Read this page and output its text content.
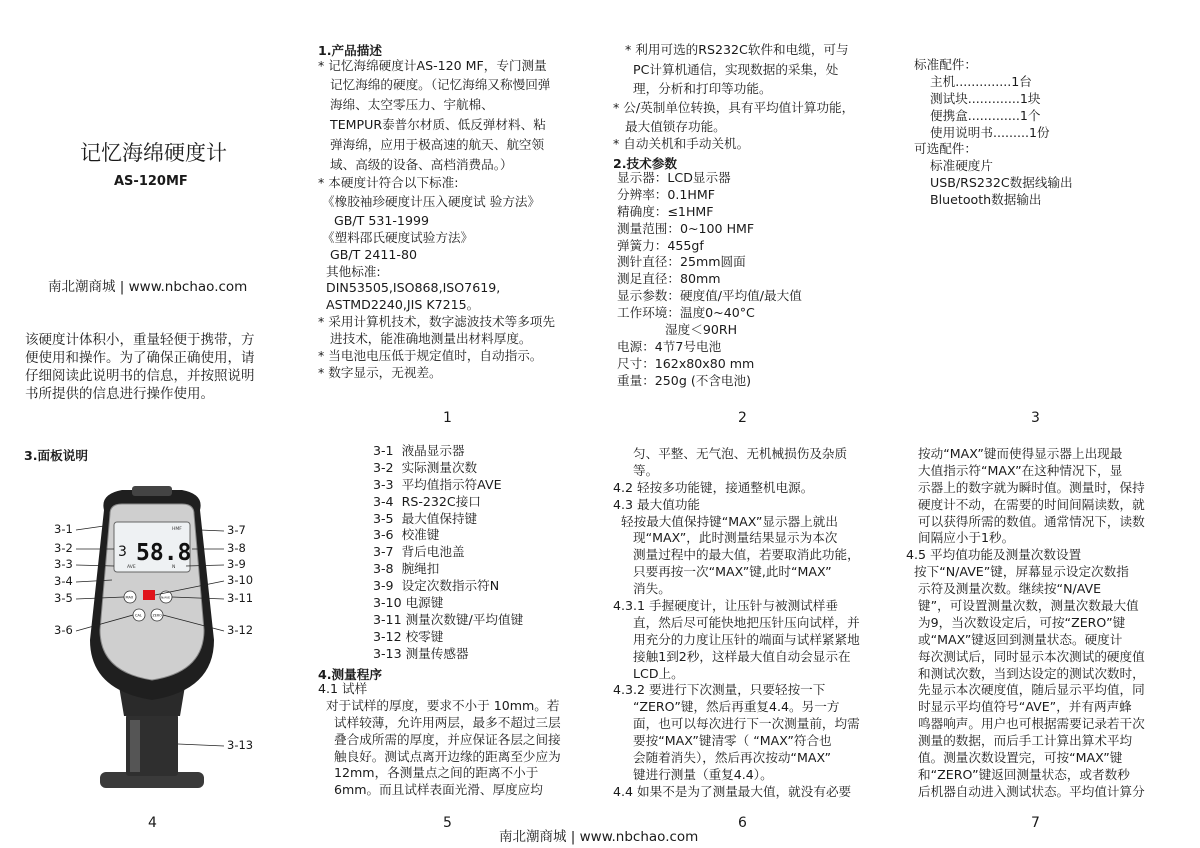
记忆海绵硬度计
AS-120MF
南北潮商城 | www.nbchao.com
该硬度计体积小，重量轻便于携带，方
便使用和操作。为了确保正确使用，请
仔细阅读此说明书的信息，并按照说明
书所提供的信息进行操作使用。
1.产品描述
* 记忆海绵硬度计AS-120 MF，专门测量
记忆海绵的硬度。（记忆海绵又称慢回弹
海绵、太空零压力、宇航棉、
TEMPUR泰普尔材质、低反弹材料、粘
弹海绵，应用于极高速的航天、航空领
域、高级的设备、高档消费品。）
* 本硬度计符合以下标准:
《橡胶袖珍硬度计压入硬度试 验方法》
GB/T 531-1999
《塑料邵氏硬度试验方法》
GB/T 2411-80
其他标准:
DIN53505,ISO868,ISO7619,
ASTMD2240,JIS K7215。
* 采用计算机技术，数字滤波技术等多项先
进技术，能准确地测量出材料厚度。
* 当电池电压低于规定值时，自动指示。
* 数字显示，无视差。
* 利用可选的RS232C软件和电缆，可与
PC计算机通信，实现数据的采集，处
理，分析和打印等功能。
* 公/英制单位转换，具有平均值计算功能，
最大值锁存功能。
* 自动关机和手动关机。
2.技术参数
显示器：LCD显示器
分辨率：0.1HMF
精确度：≤1HMF
测量范围：0~100 HMF
弹簧力：455gf
测针直径：25mm圆面
测足直径：80mm
显示参数：硬度值/平均值/最大值
工作环境：温度0~40°C
湿度＜90RH
电源：4节7号电池
尺寸：162x80x80 mm
重量：250g (不含电池)
标准配件：
主机..............1台
测试块.............1块
便携盒.............1个
使用说明书.........1份
可选配件：
标准硬度片
USB/RS232C数据线输出
Bluetooth数据输出
1	2	3
3.面板说明
HMF
3 58.8
AVE	N
MAX	N/AVE
CAL	ZERO
3-1
3-2
3-3
3-4
3-5
3-6
3-7
3-8
3-9
3-10
3-11
3-12
3-13
3-1  液晶显示器
3-2  实际测量次数
3-3  平均值指示符AVE
3-4  RS-232C接口
3-5  最大值保持键
3-6  校准键
3-7  背后电池盖
3-8  腕绳扣
3-9  设定次数指示符N
3-10 电源键
3-11 测量次数键/平均值键
3-12 校零键
3-13 测量传感器
4.测量程序
4.1 试样
对于试样的厚度，要求不小于 10mm。若
试样较薄，允许用两层，最多不超过三层
叠合成所需的厚度，并应保证各层之间接
触良好。测试点离开边缘的距离至少应为
12mm，各测量点之间的距离不小于
6mm。而且试样表面光滑、厚度应均
匀、平整、无气泡、无机械损伤及杂质
等。
4.2 轻按多功能键，接通整机电源。
4.3 最大值功能
轻按最大值保持键“MAX”显示器上就出
现“MAX”，此时测量结果显示为本次
测量过程中的最大值，若要取消此功能，
只要再按一次“MAX”键,此时“MAX”
消失。
4.3.1 手握硬度计，让压针与被测试样垂
直，然后尽可能快地把压针压向试样，并
用充分的力度让压针的端面与试样紧紧地
接触1到2秒，这样最大值自动会显示在
LCD上。
4.3.2 要进行下次测量，只要轻按一下
“ZERO”键，然后再重复4.4。另一方
面，也可以每次进行下一次测量前，均需
要按“MAX”键清零（ “MAX”符合也
会随着消失），然后再次按动“MAX”
键进行测量（重复4.4）。
4.4 如果不是为了测量最大值，就没有必要
按动“MAX”键而使得显示器上出现最
大值指示符“MAX”在这种情况下，显
示器上的数字就为瞬时值。测量时，保持
硬度计不动，在需要的时间间隔读数，就
可以获得所需的数值。通常情况下，读数
间隔应小于1秒。
4.5 平均值功能及测量次数设置
按下“N/AVE”键，屏幕显示设定次数指
示符及测量次数。继续按“N/AVE
键”，可设置测量次数，测量次数最大值
为9，当次数设定后，可按“ZERO”键
或“MAX”键返回到测量状态。硬度计
每次测试后，同时显示本次测试的硬度值
和测试次数，当到达设定的测试次数时，
先显示本次硬度值，随后显示平均值，同
时显示平均值符号“AVE”，并有两声蜂
鸣器响声。用户也可根据需要记录若干次
测量的数据，而后手工计算出算术平均
值。测量次数设置完，可按“MAX”键
和“ZERO”键返回测量状态，或者数秒
后机器自动进入测试状态。平均值计算分
4	5	6	7
南北潮商城 | www.nbchao.com
